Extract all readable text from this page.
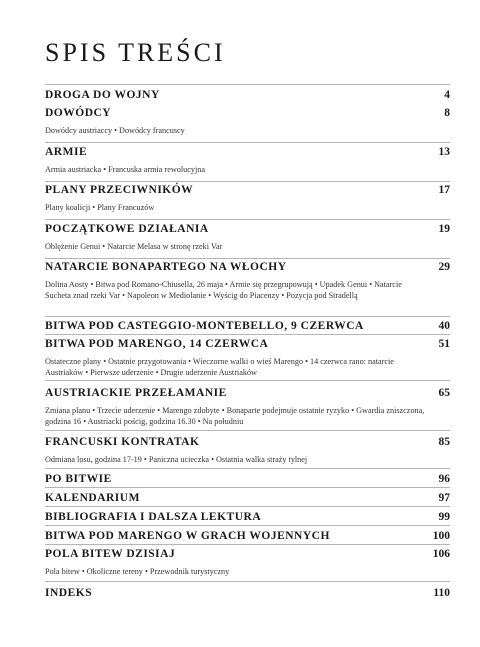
SPIS TREŚCI
DROGA DO WOJNY	4
DOWÓDCY	8
Dowódcy austriaccy • Dowódcy francuscy
ARMIE	13
Armia austriacka • Francuska armia rewolucyjna
PLANY PRZECIWNIKÓW	17
Plany koalicji • Plany Francuzów
POCZĄTKOWE DZIAŁANIA	19
Oblężenie Genui • Natarcie Melasa w stronę rzeki Var
NATARCIE BONAPARTEGO NA WŁOCHY	29
Dolina Aosty • Bitwa pod Romano-Chiusella, 26 maja • Armie się przegrupowują • Upadek Genui • Natarcie Sucheta znad rzeki Var • Napoleon w Mediolanie • Wyścig do Piacenzy • Pozycja pod Stradellą
BITWA POD CASTEGGIO-MONTEBELLO, 9 CZERWCA	40
BITWA POD MARENGO, 14 CZERWCA	51
Ostateczne plany • Ostatnie przygotowania • Wieczorne walki o wieś Marengo • 14 czerwca rano: natarcie Austriaków • Pierwsze uderzenie • Drugie uderzenie Austriaków
AUSTRIACKIE PRZEŁAMANIE	65
Zmiana planu • Trzecie uderzenie • Marengo zdobyte • Bonaparte podejmuje ostatnie ryzyko • Gwardia zniszczona, godzina 16 • Austriacki pościg, godzina 16.30 • Na południu
FRANCUSKI KONTRATAK	85
Odmiana losu, godzina 17-19 • Paniczna ucieczka • Ostatnia walka straży tylnej
PO BITWIE	96
KALENDARIUM	97
BIBLIOGRAFIA I DALSZA LEKTURA	99
BITWA POD MARENGO W GRACH WOJENNYCH	100
POLA BITEW DZISIAJ	106
Pola bitew • Okoliczne tereny • Przewodnik turystyczny
INDEKS	110
